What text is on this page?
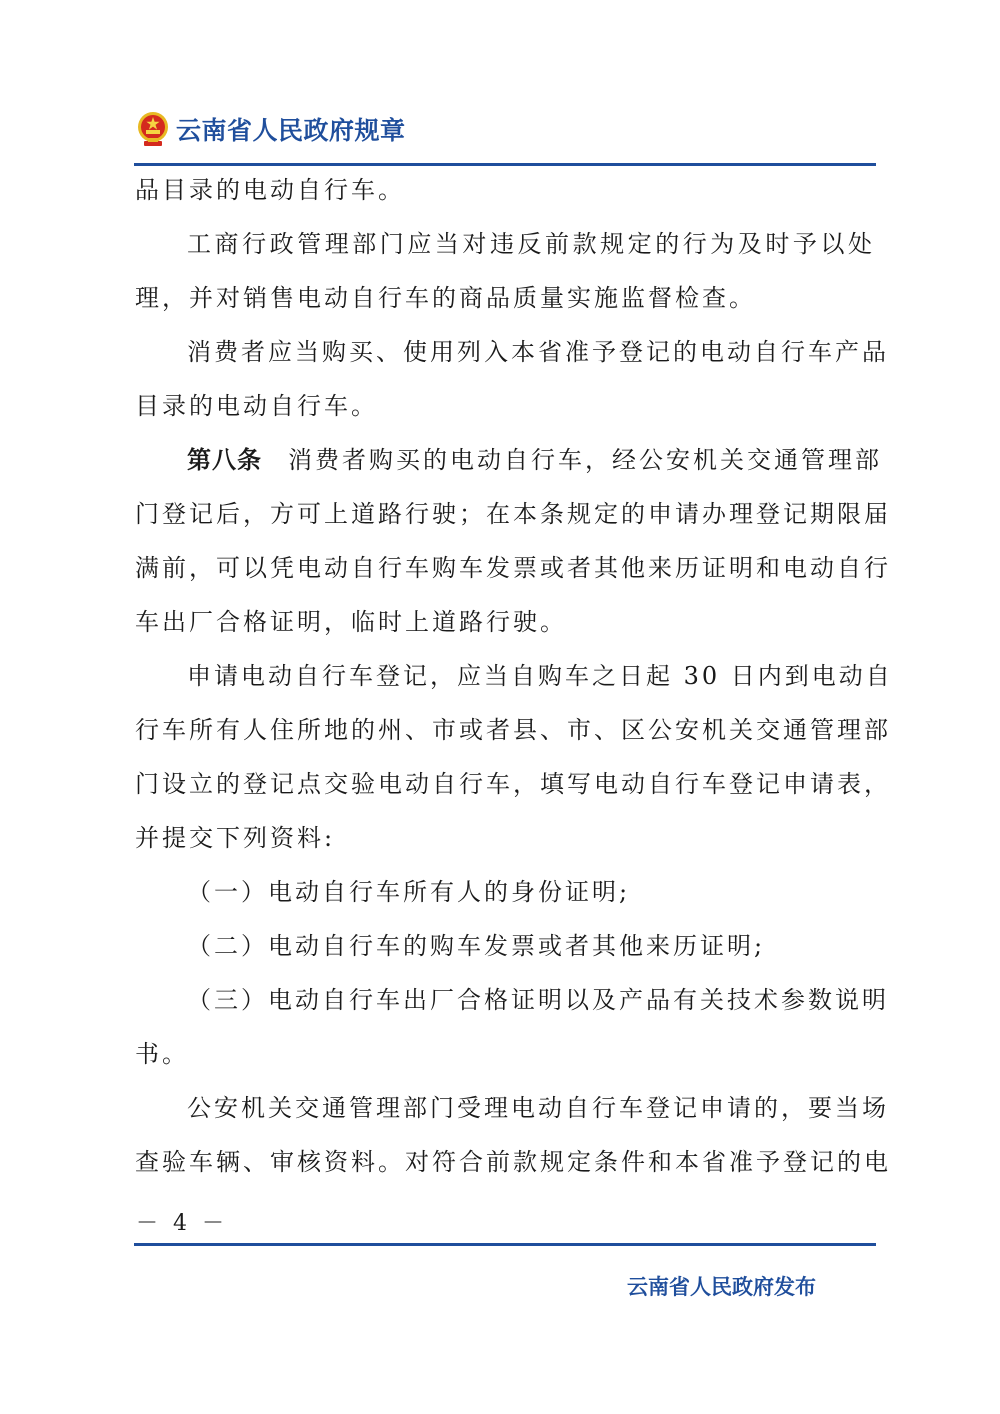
云南省人民政府规章
品目录的电动自行车。
工商行政管理部门应当对违反前款规定的行为及时予以处
理，并对销售电动自行车的商品质量实施监督检查。
消费者应当购买、使用列入本省准予登记的电动自行车产品
目录的电动自行车。
第八条 消费者购买的电动自行车，经公安机关交通管理部
门登记后，方可上道路行驶；在本条规定的申请办理登记期限届
满前，可以凭电动自行车购车发票或者其他来历证明和电动自行
车出厂合格证明，临时上道路行驶。
申请电动自行车登记，应当自购车之日起 30 日内到电动自
行车所有人住所地的州、市或者县、市、区公安机关交通管理部
门设立的登记点交验电动自行车，填写电动自行车登记申请表，
并提交下列资料:
（一）电动自行车所有人的身份证明;
（二）电动自行车的购车发票或者其他来历证明;
（三）电动自行车出厂合格证明以及产品有关技术参数说明
书。
公安机关交通管理部门受理电动自行车登记申请的，要当场
查验车辆、审核资料。对符合前款规定条件和本省准予登记的电
－ 4 －
云南省人民政府发布
